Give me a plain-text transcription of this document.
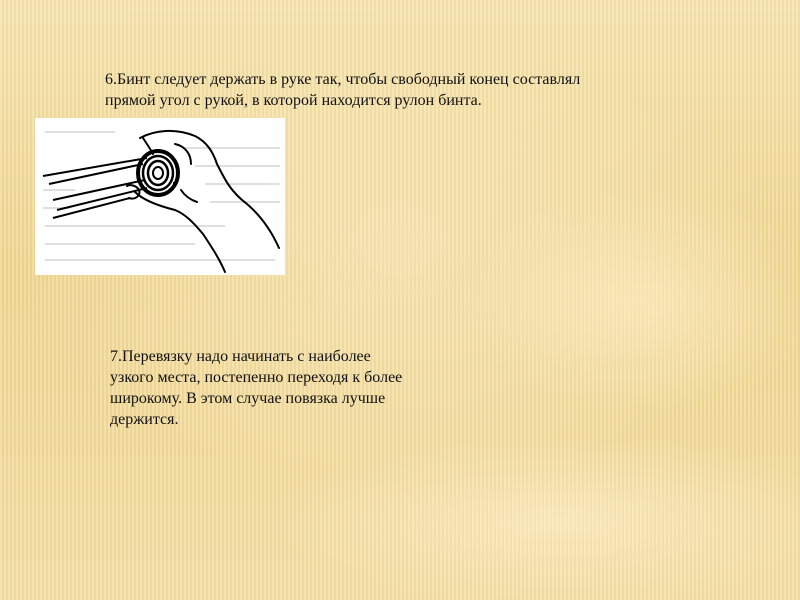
6.Бинт следует держать в руке так, чтобы свободный конец составлял
прямой угол с рукой, в которой находится рулон бинта.

7.Перевязку надо начинать с наиболее
узкого места, постепенно переходя к более
широкому. В этом случае повязка лучше
держится.
